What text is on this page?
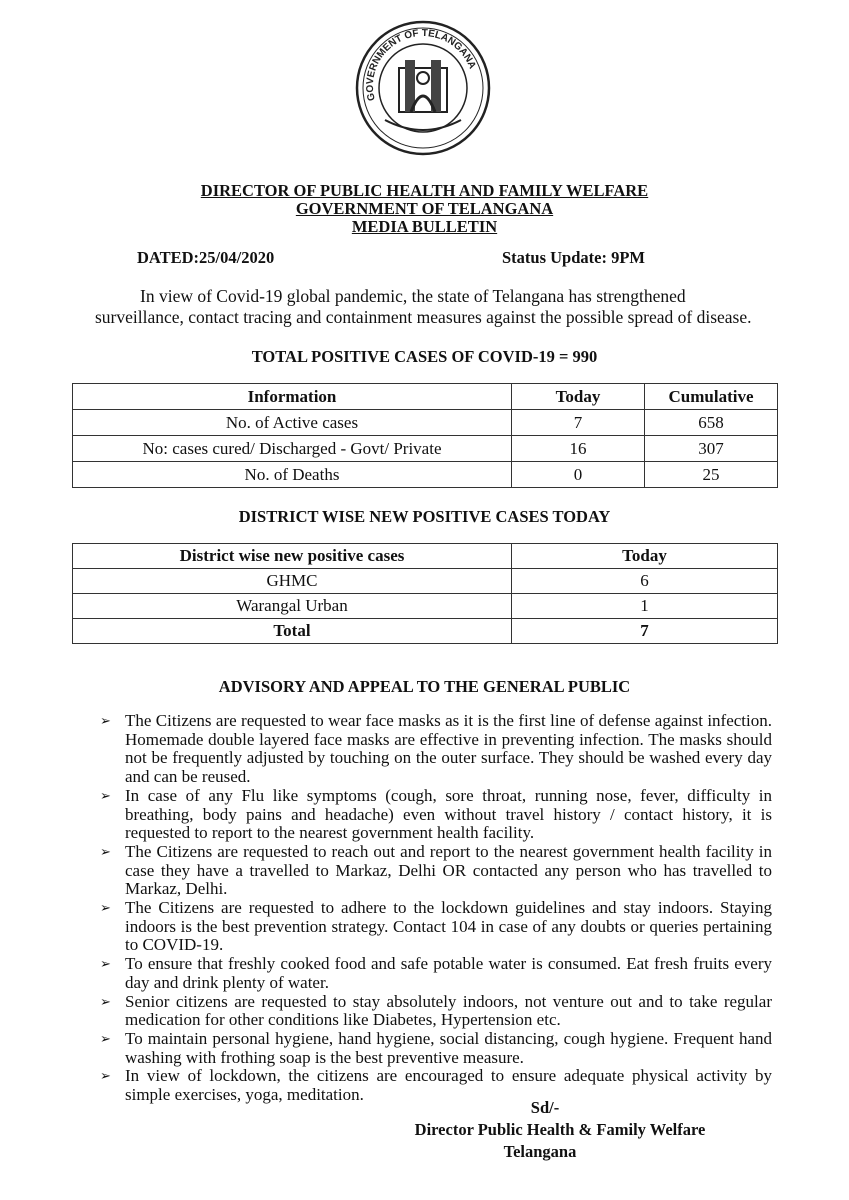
GOVERNMENT OF TELANGANA
DIRECTOR OF PUBLIC HEALTH AND FAMILY WELFARE
GOVERNMENT OF TELANGANA
MEDIA BULLETIN
DATED:25/04/2020	Status Update: 9PM
In view of Covid-19 global pandemic, the state of Telangana has strengthened surveillance, contact tracing and containment measures against the possible spread of disease.
TOTAL POSITIVE CASES OF COVID-19 = 990
Information	Today	Cumulative
No. of Active cases	7	658
No: cases cured/ Discharged - Govt/ Private	16	307
No. of Deaths	0	25
DISTRICT WISE NEW POSITIVE CASES TODAY
District wise new positive cases	Today
GHMC	6
Warangal Urban	1
Total	7
ADVISORY AND APPEAL TO THE GENERAL PUBLIC
➢ The Citizens are requested to wear face masks as it is the first line of defense against infection. Homemade double layered face masks are effective in preventing infection. The masks should not be frequently adjusted by touching on the outer surface. They should be washed every day and can be reused.
➢ In case of any Flu like symptoms (cough, sore throat, running nose, fever, difficulty in breathing, body pains and headache) even without travel history / contact history, it is requested to report to the nearest government health facility.
➢ The Citizens are requested to reach out and report to the nearest government health facility in case they have a travelled to Markaz, Delhi OR contacted any person who has travelled to Markaz, Delhi.
➢ The Citizens are requested to adhere to the lockdown guidelines and stay indoors. Staying indoors is the best prevention strategy. Contact 104 in case of any doubts or queries pertaining to COVID-19.
➢ To ensure that freshly cooked food and safe potable water is consumed. Eat fresh fruits every day and drink plenty of water.
➢ Senior citizens are requested to stay absolutely indoors, not venture out and to take regular medication for other conditions like Diabetes, Hypertension etc.
➢ To maintain personal hygiene, hand hygiene, social distancing, cough hygiene. Frequent hand washing with frothing soap is the best preventive measure.
➢ In view of lockdown, the citizens are encouraged to ensure adequate physical activity by simple exercises, yoga, meditation.
Sd/-
Director Public Health & Family Welfare
Telangana
